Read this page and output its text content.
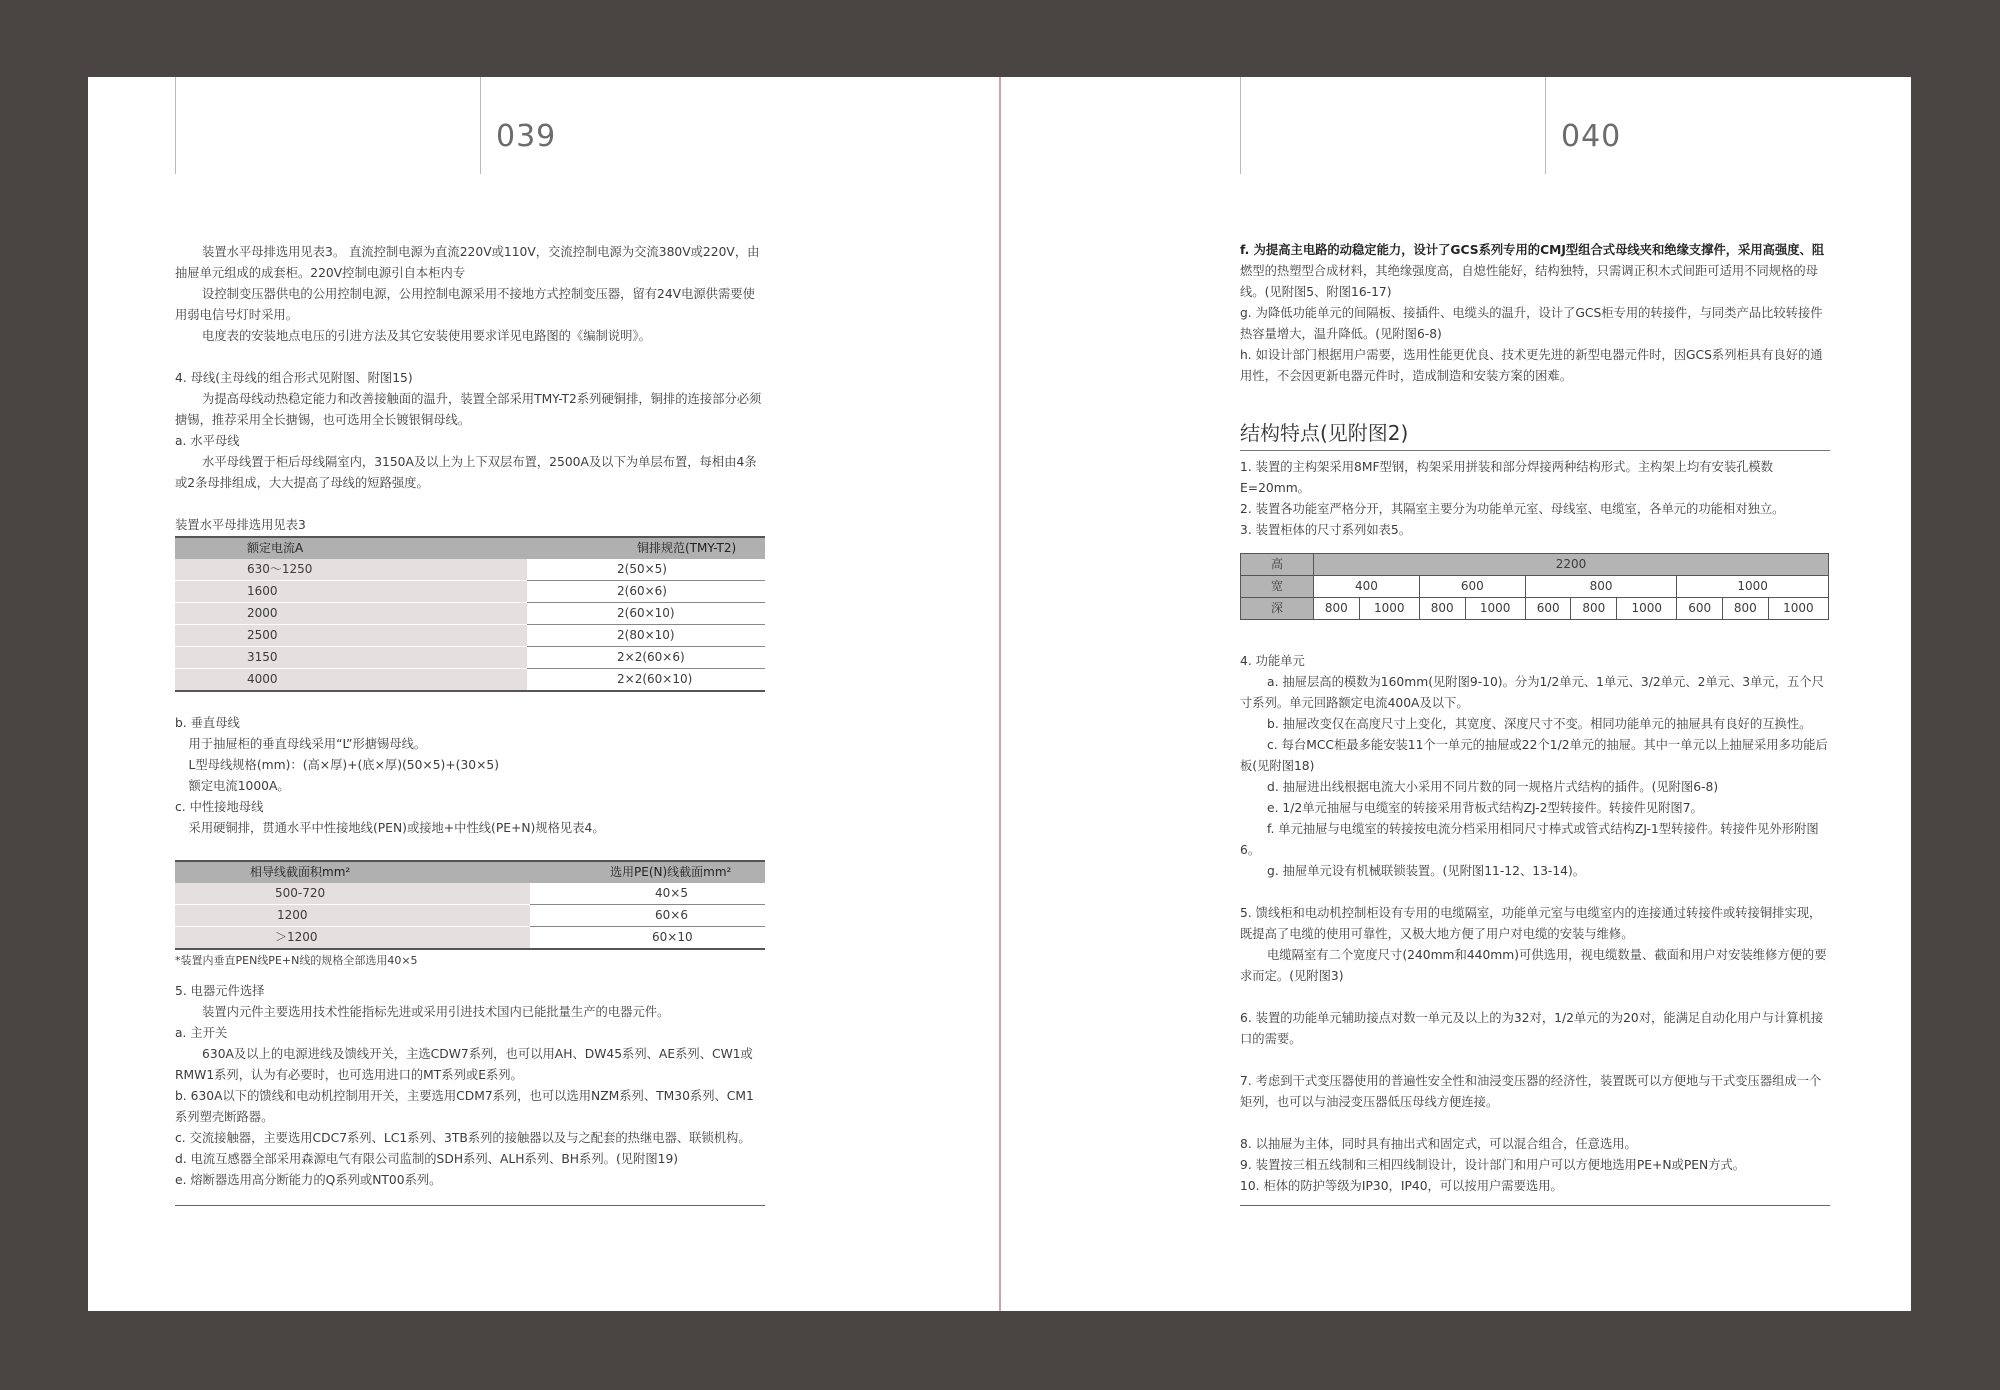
039

装置水平母排选用见表3。 直流控制电源为直流220V或110V，交流控制电源为交流380V或220V，由抽屉单元组成的成套柜。220V控制电源引自本柜内专

设控制变压器供电的公用控制电源，公用控制电源采用不接地方式控制变压器，留有24V电源供需要使用弱电信号灯时采用。

电度表的安装地点电压的引进方法及其它安装使用要求详见电路图的《编制说明》。

4. 母线(主母线的组合形式见附图、附图15)

为提高母线动热稳定能力和改善接触面的温升，装置全部采用TMY-T2系列硬铜排，铜排的连接部分必须搪锡，推荐采用全长搪锡，也可选用全长镀银铜母线。

a. 水平母线

水平母线置于柜后母线隔室内，3150A及以上为上下双层布置，2500A及以下为单层布置，每相由4条或2条母排组成，大大提高了母线的短路强度。

装置水平母排选用见表3

额定电流A	铜排规范(TMY-T2)
630～1250	2(50×5)
1600	2(60×6)
2000	2(60×10)
2500	2(80×10)
3150	2×2(60×6)
4000	2×2(60×10)

b. 垂直母线

用于抽屉柜的垂直母线采用“L”形搪锡母线。

L型母线规格(mm)：(高×厚)+(底×厚)(50×5)+(30×5)

额定电流1000A。

c. 中性接地母线

采用硬铜排，贯通水平中性接地线(PEN)或接地+中性线(PE+N)规格见表4。

相导线截面积mm²	选用PE(N)线截面mm²
500-720	40×5
1200	60×6
＞1200	60×10

*装置内垂直PEN线PE+N线的规格全部选用40×5

5. 电器元件选择

装置内元件主要选用技术性能指标先进或采用引进技术国内已能批量生产的电器元件。

a. 主开关

630A及以上的电源进线及馈线开关，主选CDW7系列，也可以用AH、DW45系列、AE系列、CW1或RMW1系列，认为有必要时，也可选用进口的MT系列或E系列。

b. 630A以下的馈线和电动机控制用开关，主要选用CDM7系列，也可以选用NZM系列、TM30系列、CM1系列塑壳断路器。

c. 交流接触器，主要选用CDC7系列、LC1系列、3TB系列的接触器以及与之配套的热继电器、联锁机构。

d. 电流互感器全部采用森源电气有限公司监制的SDH系列、ALH系列、BH系列。(见附图19)

e. 熔断器选用高分断能力的Q系列或NT00系列。

040

f. 为提高主电路的动稳定能力，设计了GCS系列专用的CMJ型组合式母线夹和绝缘支撑件，采用高强度、阻燃型的热塑型合成材料，其绝缘强度高，自熄性能好，结构独特，只需调正积木式间距可适用不同规格的母线。(见附图5、附图16-17)

g. 为降低功能单元的间隔板、接插件、电缆头的温升，设计了GCS柜专用的转接件，与同类产品比较转接件热容量增大，温升降低。(见附图6-8)

h. 如设计部门根据用户需要，选用性能更优良、技术更先进的新型电器元件时，因GCS系列柜具有良好的通用性，不会因更新电器元件时，造成制造和安装方案的困难。

结构特点(见附图2)

1. 装置的主构架采用8MF型钢，构架采用拼装和部分焊接两种结构形式。主构架上均有安装孔模数E=20mm。

2. 装置各功能室严格分开，其隔室主要分为功能单元室、母线室、电缆室，各单元的功能相对独立。

3. 装置柜体的尺寸系列如表5。

高	2200									
宽	400		600		800			1000		
深	800	1000	800	1000	600	800	1000	600	800	1000

4. 功能单元

a. 抽屉层高的模数为160mm(见附图9-10)。分为1/2单元、1单元、3/2单元、2单元、3单元，五个尺寸系列。单元回路额定电流400A及以下。

b. 抽屉改变仅在高度尺寸上变化，其宽度、深度尺寸不变。相同功能单元的抽屉具有良好的互换性。

c. 每台MCC柜最多能安装11个一单元的抽屉或22个1/2单元的抽屉。其中一单元以上抽屉采用多功能后板(见附图18)

d. 抽屉进出线根据电流大小采用不同片数的同一规格片式结构的插件。(见附图6-8)

e. 1/2单元抽屉与电缆室的转接采用背板式结构ZJ-2型转接件。转接件见附图7。

f. 单元抽屉与电缆室的转接按电流分档采用相同尺寸棒式或管式结构ZJ-1型转接件。转接件见外形附图6。

g. 抽屉单元设有机械联锁装置。(见附图11-12、13-14)。

5. 馈线柜和电动机控制柜设有专用的电缆隔室，功能单元室与电缆室内的连接通过转接件或转接铜排实现，既提高了电缆的使用可靠性，又极大地方便了用户对电缆的安装与维修。

电缆隔室有二个宽度尺寸(240mm和440mm)可供选用，视电缆数量、截面和用户对安装维修方便的要求而定。(见附图3)

6. 装置的功能单元辅助接点对数一单元及以上的为32对，1/2单元的为20对，能满足自动化用户与计算机接口的需要。

7. 考虑到干式变压器使用的普遍性安全性和油浸变压器的经济性，装置既可以方便地与干式变压器组成一个矩列，也可以与油浸变压器低压母线方便连接。

8. 以抽屉为主体，同时具有抽出式和固定式，可以混合组合，任意选用。

9. 装置按三相五线制和三相四线制设计，设计部门和用户可以方便地选用PE+N或PEN方式。

10. 柜体的防护等级为IP30，IP40，可以按用户需要选用。
